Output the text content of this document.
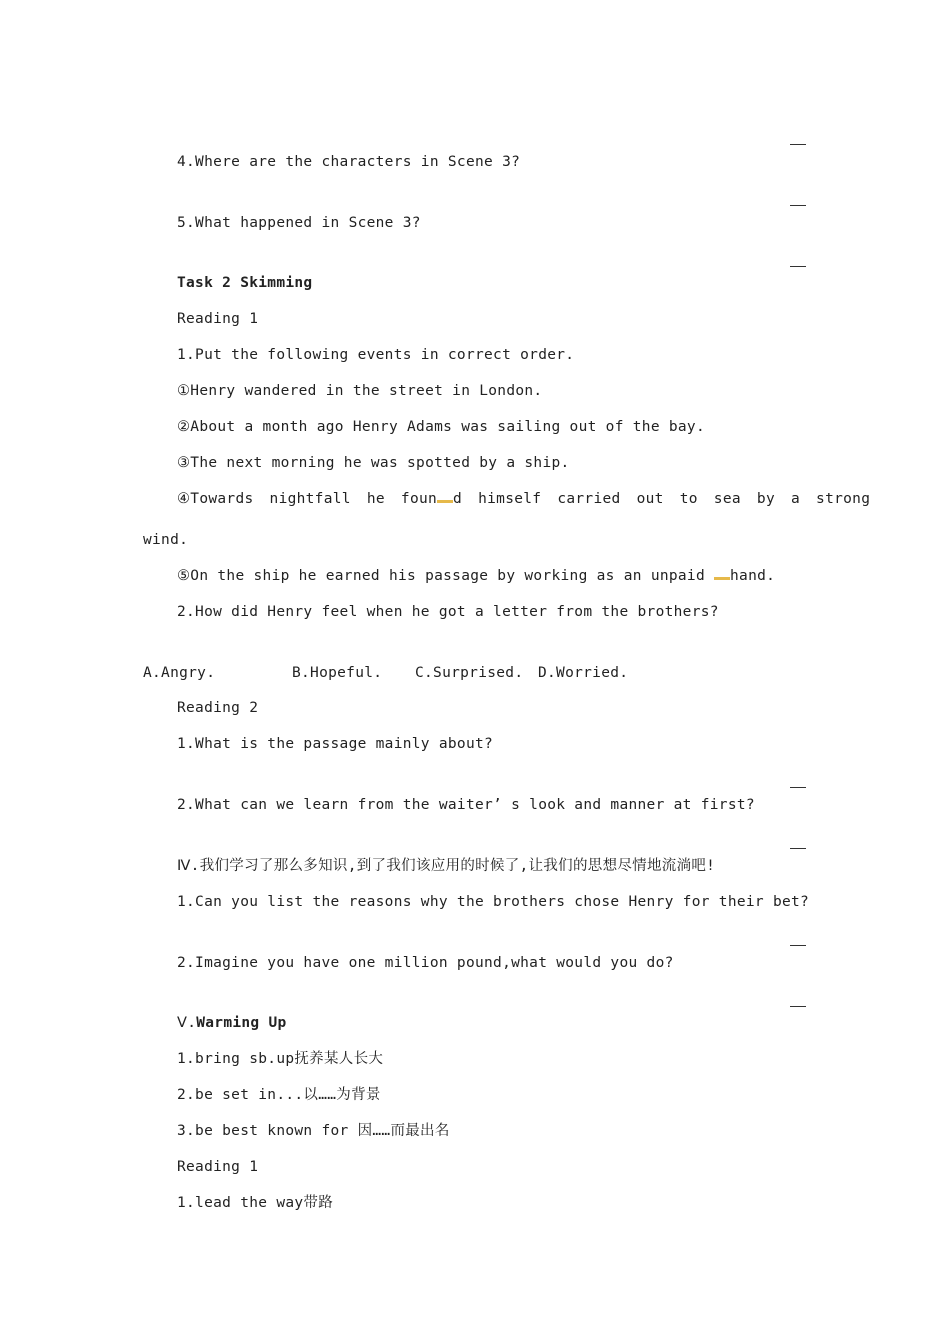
4.Where are the characters in Scene 3?
5.What happened in Scene 3?
Task 2 Skimming
Reading 1
1.Put the following events in correct order.
①Henry wandered in the street in London.
②About a month ago Henry Adams was sailing out of the bay.
③The next morning he was spotted by a ship.
④Towards nightfall he foun d himself carried out to sea by a strong
wind.
⑤On the ship he earned his passage by working as an unpaid hand.
2.How did Henry feel when he got a letter from the brothers?
A.Angry.	B.Hopeful. C.Surprised. D.Worried.
Reading 2
1.What is the passage mainly about?
2.What can we learn from the waiter’ s look and manner at first?
Ⅳ.我们学习了那么多知识,到了我们该应用的时候了,让我们的思想尽情地流淌吧!
1.Can you list the reasons why the brothers chose Henry for their bet?
2.Imagine you have one million pound,what would you do?
Ⅴ.Warming Up
1.bring sb.up抚养某人长大
2.be set in...以……为背景
3.be best known for 因……而最出名
Reading 1
1.lead the way带路
